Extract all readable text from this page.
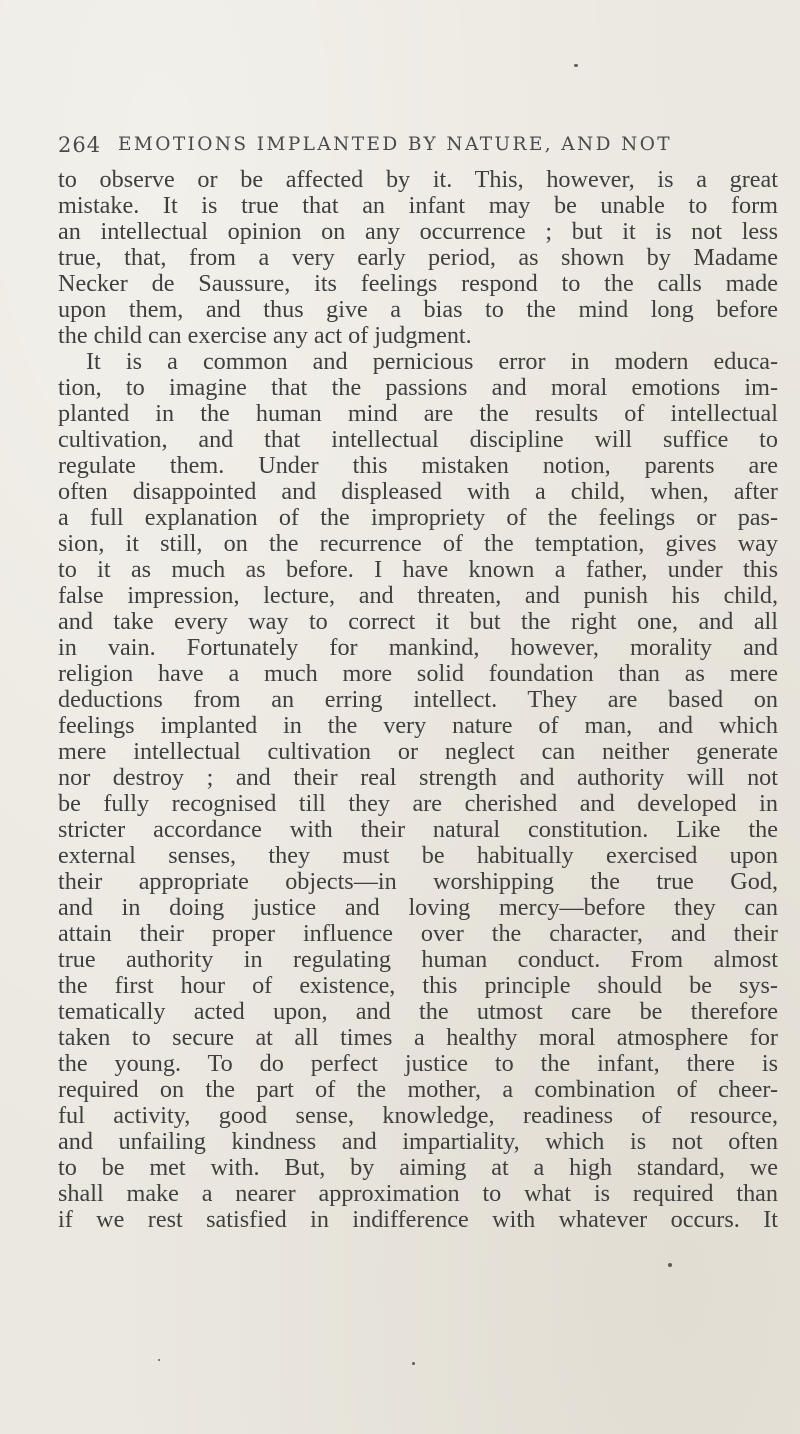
264 EMOTIONS IMPLANTED BY NATURE, AND NOT
to observe or be affected by it. This, however, is a great
mistake. It is true that an infant may be unable to form
an intellectual opinion on any occurrence ; but it is not less
true, that, from a very early period, as shown by Madame
Necker de Saussure, its feelings respond to the calls made
upon them, and thus give a bias to the mind long before
the child can exercise any act of judgment.
It is a common and pernicious error in modern educa-
tion, to imagine that the passions and moral emotions im-
planted in the human mind are the results of intellectual
cultivation, and that intellectual discipline will suffice to
regulate them. Under this mistaken notion, parents are
often disappointed and displeased with a child, when, after
a full explanation of the impropriety of the feelings or pas-
sion, it still, on the recurrence of the temptation, gives way
to it as much as before. I have known a father, under this
false impression, lecture, and threaten, and punish his child,
and take every way to correct it but the right one, and all
in vain. Fortunately for mankind, however, morality and
religion have a much more solid foundation than as mere
deductions from an erring intellect. They are based on
feelings implanted in the very nature of man, and which
mere intellectual cultivation or neglect can neither generate
nor destroy ; and their real strength and authority will not
be fully recognised till they are cherished and developed in
stricter accordance with their natural constitution. Like the
external senses, they must be habitually exercised upon
their appropriate objects—in worshipping the true God,
and in doing justice and loving mercy—before they can
attain their proper influence over the character, and their
true authority in regulating human conduct. From almost
the first hour of existence, this principle should be sys-
tematically acted upon, and the utmost care be therefore
taken to secure at all times a healthy moral atmosphere for
the young. To do perfect justice to the infant, there is
required on the part of the mother, a combination of cheer-
ful activity, good sense, knowledge, readiness of resource,
and unfailing kindness and impartiality, which is not often
to be met with. But, by aiming at a high standard, we
shall make a nearer approximation to what is required than
if we rest satisfied in indifference with whatever occurs. It
